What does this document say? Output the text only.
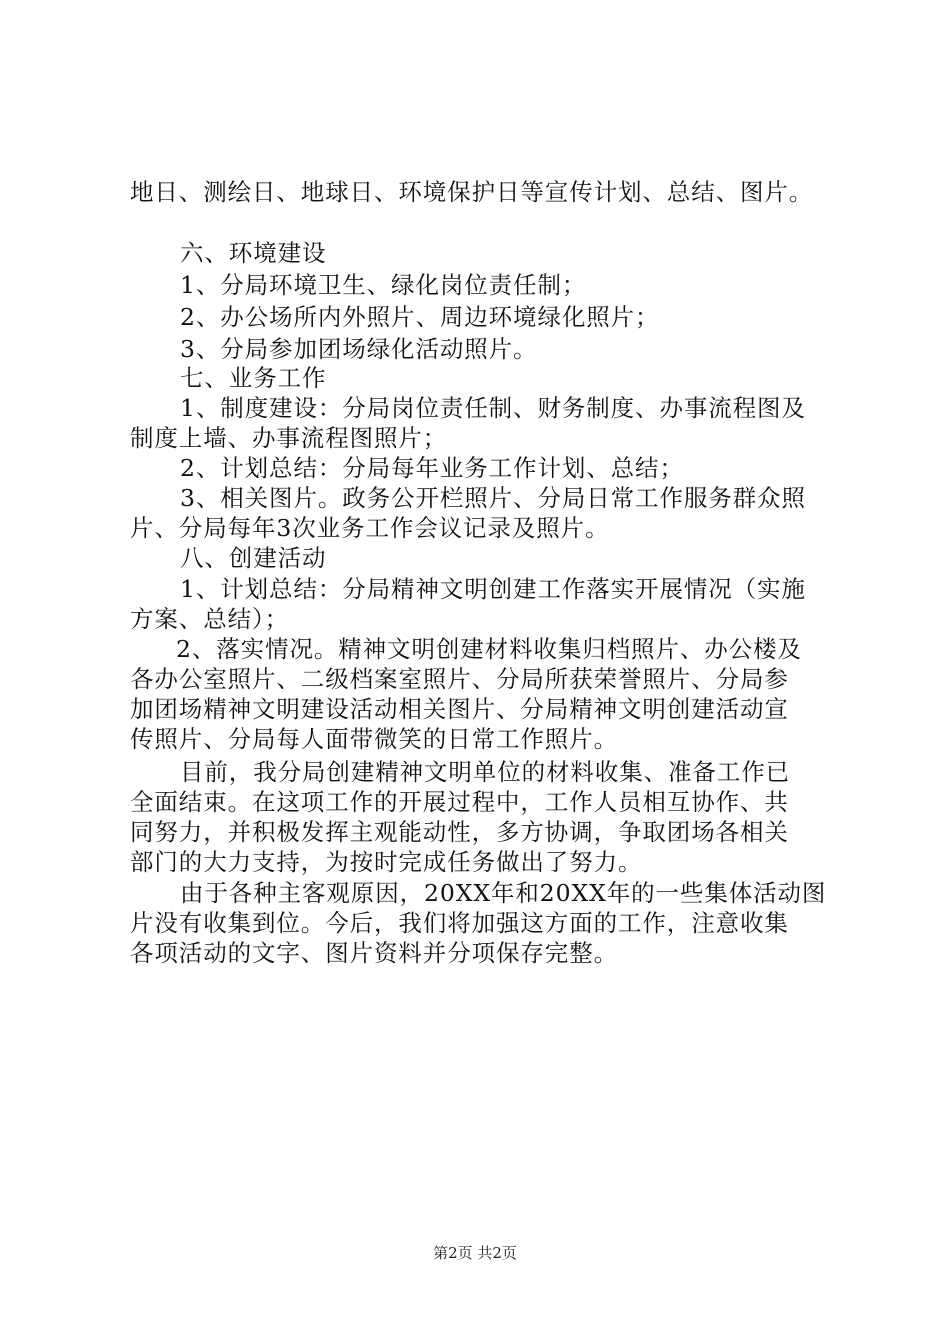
地日、测绘日、地球日、环境保护日等宣传计划、总结、图片。
六、环境建设
1、分局环境卫生、绿化岗位责任制；
2、办公场所内外照片、周边环境绿化照片；
3、分局参加团场绿化活动照片。
七、业务工作
1、制度建设：分局岗位责任制、财务制度、办事流程图及
制度上墙、办事流程图照片；
2、计划总结：分局每年业务工作计划、总结；
3、相关图片。政务公开栏照片、分局日常工作服务群众照
片、分局每年3次业务工作会议记录及照片。
八、创建活动
1、计划总结：分局精神文明创建工作落实开展情况（实施
方案、总结）；
2、落实情况。精神文明创建材料收集归档照片、办公楼及
各办公室照片、二级档案室照片、分局所获荣誉照片、分局参
加团场精神文明建设活动相关图片、分局精神文明创建活动宣
传照片、分局每人面带微笑的日常工作照片。
目前，我分局创建精神文明单位的材料收集、准备工作已
全面结束。在这项工作的开展过程中，工作人员相互协作、共
同努力，并积极发挥主观能动性，多方协调，争取团场各相关
部门的大力支持，为按时完成任务做出了努力。
由于各种主客观原因，20XX年和20XX年的一些集体活动图
片没有收集到位。今后，我们将加强这方面的工作，注意收集
各项活动的文字、图片资料并分项保存完整。
第2页 共2页
